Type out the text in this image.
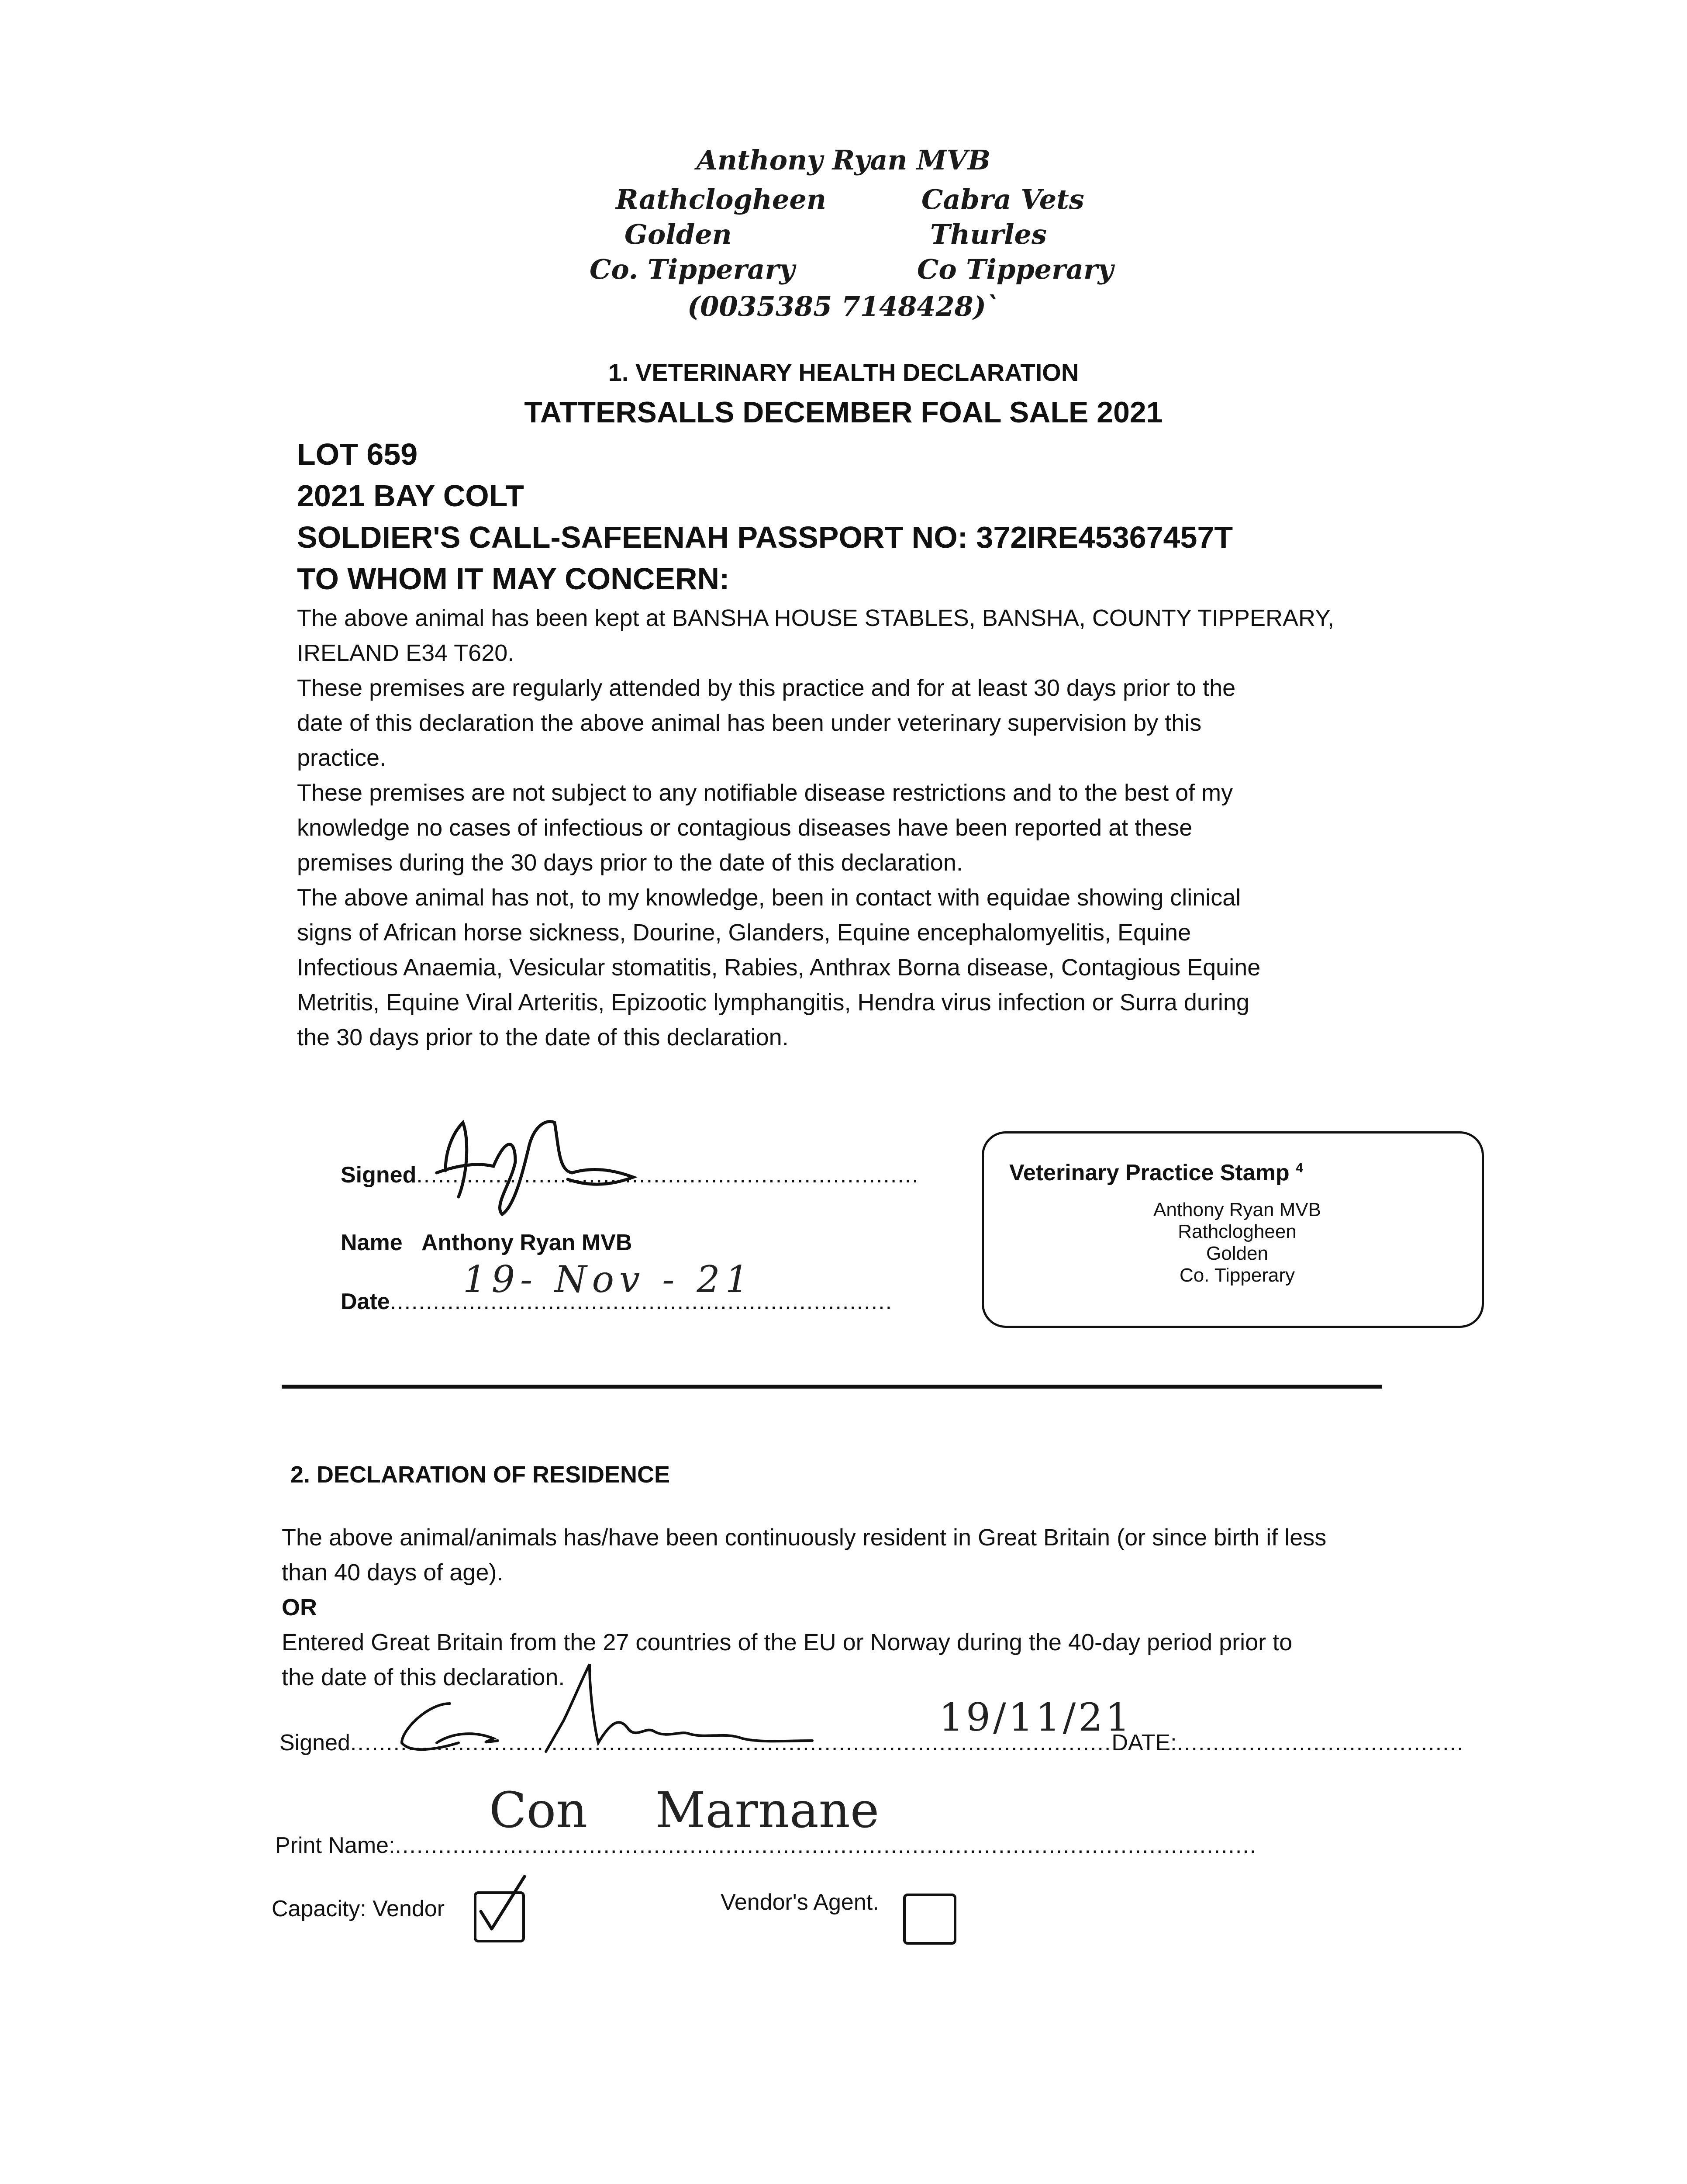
Anthony Ryan MVB
Rathclogheen
Golden
Co. Tipperary
Cabra Vets
Thurles
Co Tipperary
(0035385 7148428)`
1. VETERINARY HEALTH DECLARATION
TATTERSALLS DECEMBER FOAL SALE 2021
LOT 659
2021 BAY COLT
SOLDIER'S CALL-SAFEENAH PASSPORT NO: 372IRE45367457T
TO WHOM IT MAY CONCERN:
The above animal has been kept at BANSHA HOUSE STABLES, BANSHA, COUNTY TIPPERARY,
IRELAND E34 T620.
These premises are regularly attended by this practice and for at least 30 days prior to the
date of this declaration the above animal has been under veterinary supervision by this
practice.
These premises are not subject to any notifiable disease restrictions and to the best of my
knowledge no cases of infectious or contagious diseases have been reported at these
premises during the 30 days prior to the date of this declaration.
The above animal has not, to my knowledge, been in contact with equidae showing clinical
signs of African horse sickness, Dourine, Glanders, Equine encephalomyelitis, Equine
Infectious Anaemia, Vesicular stomatitis, Rabies, Anthrax Borna disease, Contagious Equine
Metritis, Equine Viral Arteritis, Epizootic lymphangitis, Hendra virus infection or Surra during
the 30 days prior to the date of this declaration.
Signed......................................................................
Name Anthony Ryan MVB
Date......................................................................
19- Nov - 21
Veterinary Practice Stamp $^4$
Anthony Ryan MVB
Rathclogheen
Golden
Co. Tipperary
2. DECLARATION OF RESIDENCE
The above animal/animals has/have been continuously resident in Great Britain (or since birth if less
than 40 days of age).
OR
Entered Great Britain from the 27 countries of the EU or Norway during the 40-day period prior to
the date of this declaration.
Signed..........................................................................................................DATE:........................................
19/11/21
Print Name:........................................................................................................................
Con Marnane
Capacity: Vendor	Vendor's Agent.
